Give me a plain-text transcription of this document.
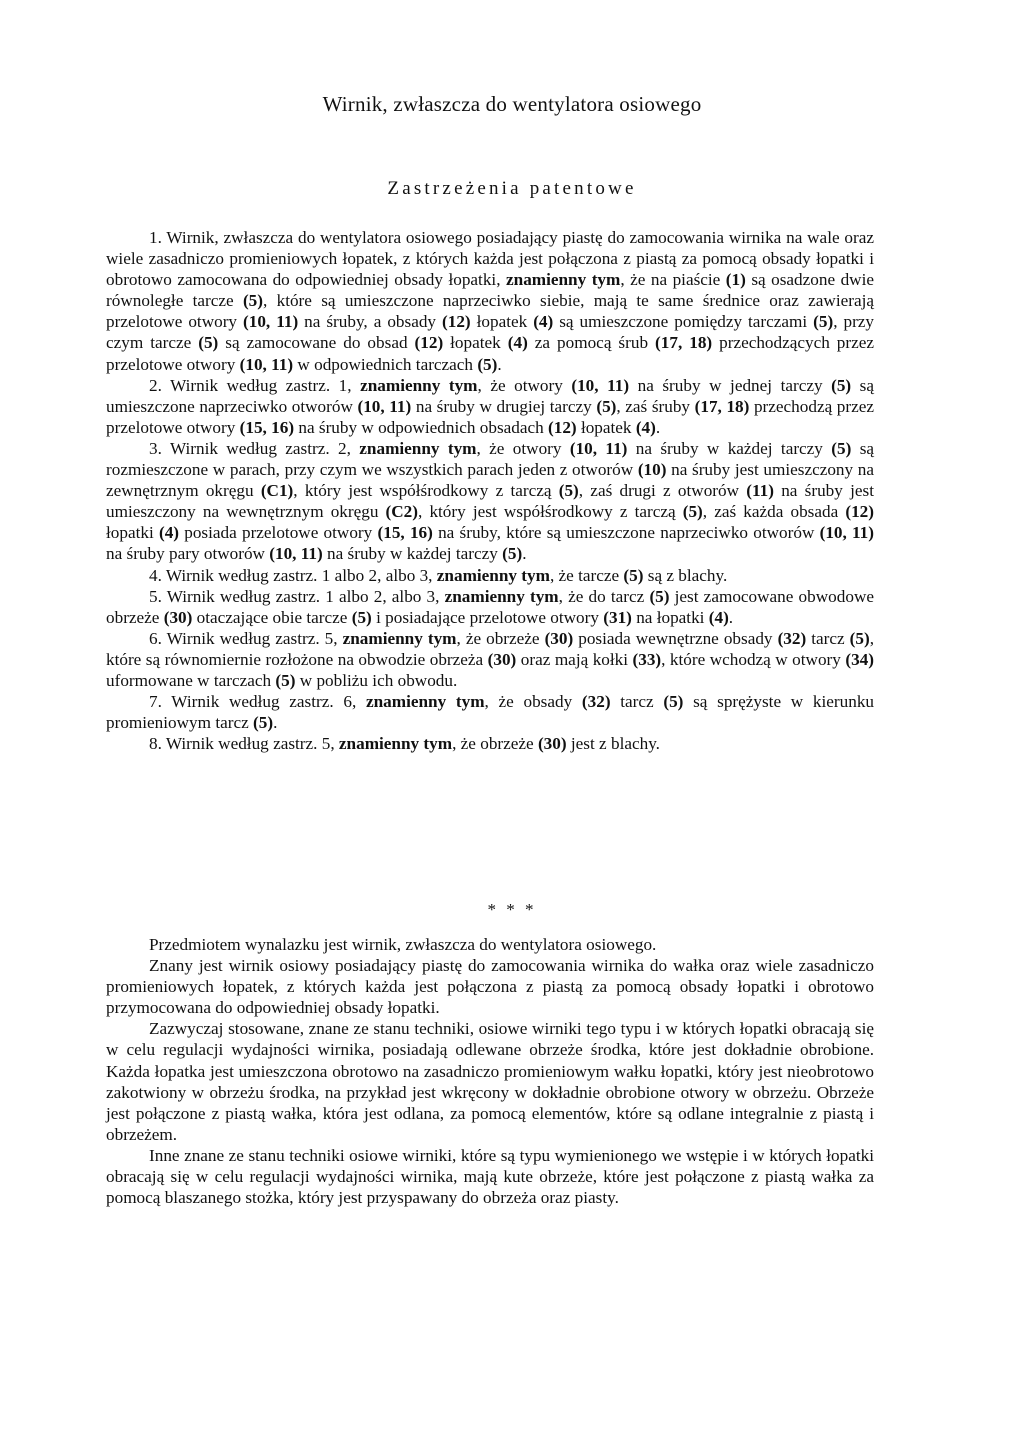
Wirnik, zwłaszcza do wentylatora osiowego
Zastrzeżenia patentowe

1. Wirnik, zwłaszcza do wentylatora osiowego posiadający piastę do zamocowania wirnika na wale oraz wiele zasadniczo promieniowych łopatek, z których każda jest połączona z piastą za pomocą obsady łopatki i obrotowo zamocowana do odpowiedniej obsady łopatki, znamienny tym, że na piaście (1) są osadzone dwie równoległe tarcze (5), które są umieszczone naprzeciwko siebie, mają te same średnice oraz zawierają przelotowe otwory (10, 11) na śruby, a obsady (12) łopatek (4) są umieszczone pomiędzy tarczami (5), przy czym tarcze (5) są zamocowane do obsad (12) łopatek (4) za pomocą śrub (17, 18) przechodzących przez przelotowe otwory (10, 11) w odpowiednich tarczach (5).

2. Wirnik według zastrz. 1, znamienny tym, że otwory (10, 11) na śruby w jednej tarczy (5) są umieszczone naprzeciwko otworów (10, 11) na śruby w drugiej tarczy (5), zaś śruby (17, 18) przechodzą przez przelotowe otwory (15, 16) na śruby w odpowiednich obsadach (12) łopatek (4).

3. Wirnik według zastrz. 2, znamienny tym, że otwory (10, 11) na śruby w każdej tarczy (5) są rozmieszczone w parach, przy czym we wszystkich parach jeden z otworów (10) na śruby jest umieszczony na zewnętrznym okręgu (C1), który jest współśrodkowy z tarczą (5), zaś drugi z otworów (11) na śruby jest umieszczony na wewnętrznym okręgu (C2), który jest współśrodkowy z tarczą (5), zaś każda obsada (12) łopatki (4) posiada przelotowe otwory (15, 16) na śruby, które są umieszczone naprzeciwko otworów (10, 11) na śruby pary otworów (10, 11) na śruby w każdej tarczy (5).

4. Wirnik według zastrz. 1 albo 2, albo 3, znamienny tym, że tarcze (5) są z blachy.

5. Wirnik według zastrz. 1 albo 2, albo 3, znamienny tym, że do tarcz (5) jest zamocowane obwodowe obrzeże (30) otaczające obie tarcze (5) i posiadające przelotowe otwory (31) na łopatki (4).

6. Wirnik według zastrz. 5, znamienny tym, że obrzeże (30) posiada wewnętrzne obsady (32) tarcz (5), które są równomiernie rozłożone na obwodzie obrzeża (30) oraz mają kołki (33), które wchodzą w otwory (34) uformowane w tarczach (5) w pobliżu ich obwodu.

7. Wirnik według zastrz. 6, znamienny tym, że obsady (32) tarcz (5) są sprężyste w kierunku promieniowym tarcz (5).

8. Wirnik według zastrz. 5, znamienny tym, że obrzeże (30) jest z blachy.

* * *

Przedmiotem wynalazku jest wirnik, zwłaszcza do wentylatora osiowego.

Znany jest wirnik osiowy posiadający piastę do zamocowania wirnika do wałka oraz wiele zasadniczo promieniowych łopatek, z których każda jest połączona z piastą za pomocą obsady łopatki i obrotowo przymocowana do odpowiedniej obsady łopatki.

Zazwyczaj stosowane, znane ze stanu techniki, osiowe wirniki tego typu i w których łopatki obracają się w celu regulacji wydajności wirnika, posiadają odlewane obrzeże środka, które jest dokładnie obrobione. Każda łopatka jest umieszczona obrotowo na zasadniczo promieniowym wałku łopatki, który jest nieobrotowo zakotwiony w obrzeżu środka, na przykład jest wkręcony w dokładnie obrobione otwory w obrzeżu. Obrzeże jest połączone z piastą wałka, która jest odlana, za pomocą elementów, które są odlane integralnie z piastą i obrzeżem.

Inne znane ze stanu techniki osiowe wirniki, które są typu wymienionego we wstępie i w których łopatki obracają się w celu regulacji wydajności wirnika, mają kute obrzeże, które jest połączone z piastą wałka za pomocą blaszanego stożka, który jest przyspawany do obrzeża oraz piasty.
